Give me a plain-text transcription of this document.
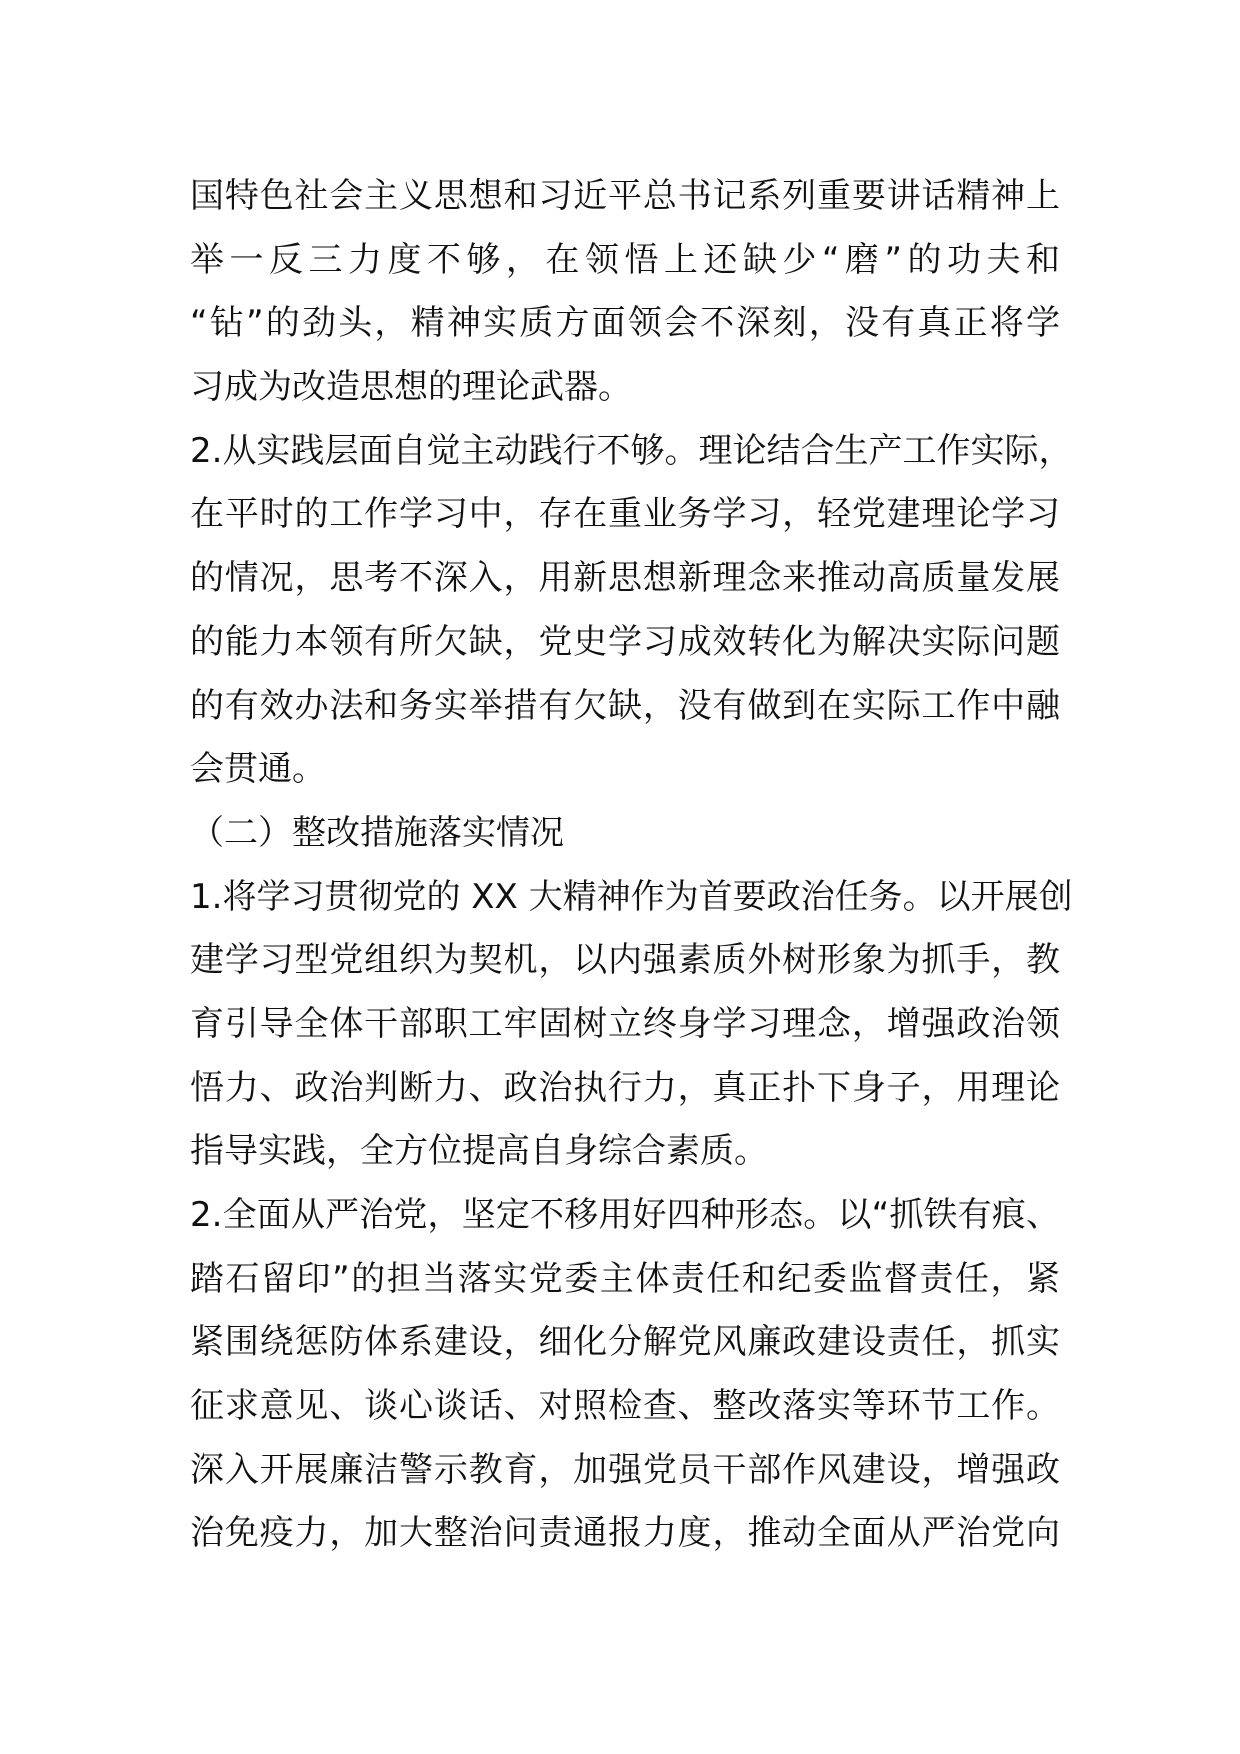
国特色社会主义思想和习近平总书记系列重要讲话精神上
举一反三力度不够，在领悟上还缺少“磨”的功夫和
“钻”的劲头，精神实质方面领会不深刻，没有真正将学
习成为改造思想的理论武器。
2.从实践层面自觉主动践行不够。理论结合生产工作实际，
在平时的工作学习中，存在重业务学习，轻党建理论学习
的情况，思考不深入，用新思想新理念来推动高质量发展
的能力本领有所欠缺，党史学习成效转化为解决实际问题
的有效办法和务实举措有欠缺，没有做到在实际工作中融
会贯通。
（二）整改措施落实情况
1.将学习贯彻党的 XX 大精神作为首要政治任务。以开展创
建学习型党组织为契机，以内强素质外树形象为抓手，教
育引导全体干部职工牢固树立终身学习理念，增强政治领
悟力、政治判断力、政治执行力，真正扑下身子，用理论
指导实践，全方位提高自身综合素质。
2.全面从严治党，坚定不移用好四种形态。以“抓铁有痕、
踏石留印”的担当落实党委主体责任和纪委监督责任，紧
紧围绕惩防体系建设，细化分解党风廉政建设责任，抓实
征求意见、谈心谈话、对照检查、整改落实等环节工作。
深入开展廉洁警示教育，加强党员干部作风建设，增强政
治免疫力，加大整治问责通报力度，推动全面从严治党向
